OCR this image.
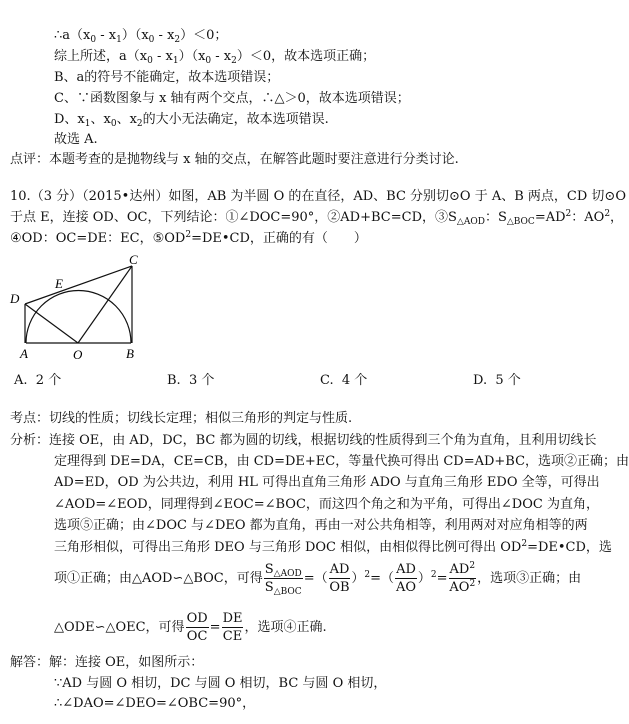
$\therefore a(x_0 - x_1)(x_0 - x_2)<0$；
综上所述，$a(x_0 - x_1)(x_0 - x_2)<0$，故本选项正确；
B、a的符号不能确定，故本选项错误；
C、∵函数图象与 x 轴有两个交点，∴△＞0，故本选项错误；
D、$x_1$、$x_0$、$x_2$的大小无法确定，故本选项错误.
故选 A.
点评：本题考查的是抛物线与 x 轴的交点，在解答此题时要注意进行分类讨论.
10.（3 分）（2015•达州）如图，AB 为半圆 O 的在直径，AD、BC 分别切⊙O 于 A、B 两点，CD 切⊙O
于点 E，连接 OD、OC，下列结论：①∠DOC=90°，②AD+BC=CD，$③S_{\triangle AOD}$：$S_{\triangle BOC}=AD^2$：$AO^2$，
④OD：OC=DE：EC，$⑤OD^2=DE•CD$，正确的有（　　）
C
E
D
A	O	B
A. 2 个	B. 3 个	C. 4 个	D. 5 个
考点：切线的性质；切线长定理；相似三角形的判定与性质.
分析：连接 OE，由 AD，DC，BC 都为圆的切线，根据切线的性质得到三个角为直角，且利用切线长
定理得到 DE=DA，CE=CB，由 CD=DE+EC，等量代换可得出 CD=AD+BC，选项②正确；由
AD=ED，OD 为公共边，利用 HL 可得出直角三角形 ADO 与直角三角形 EDO 全等，可得出
∠AOD=∠EOD，同理得到∠EOC=∠BOC，而这四个角之和为平角，可得出∠DOC 为直角，
选项⑤正确；由∠DOC 与∠DEO 都为直角，再由一对公共角相等，利用两对对应角相等的两
三角形相似，可得出三角形 DEO 与三角形 DOC 相似，由相似得比例可得出 $OD^2=DE•CD$，选
项①正确；由△AOD∽△BOC，可得 $\frac{S_{\triangle AOD}}{S_{\triangle BOC}}$ =（ $\frac{AD}{OB} )^2=( \frac{AD}{AO} )^2= \frac{AD^2}{AO^2}$ ，选项③正确；由
△ODE∽△OEC，可得 $\frac{OD}{OC} = \frac{DE}{CE}$ ，选项④正确.
解答：解：连接 OE，如图所示：
∵AD 与圆 O 相切，DC 与圆 O 相切，BC 与圆 O 相切，
∴∠DAO=∠DEO=∠OBC=90°，
